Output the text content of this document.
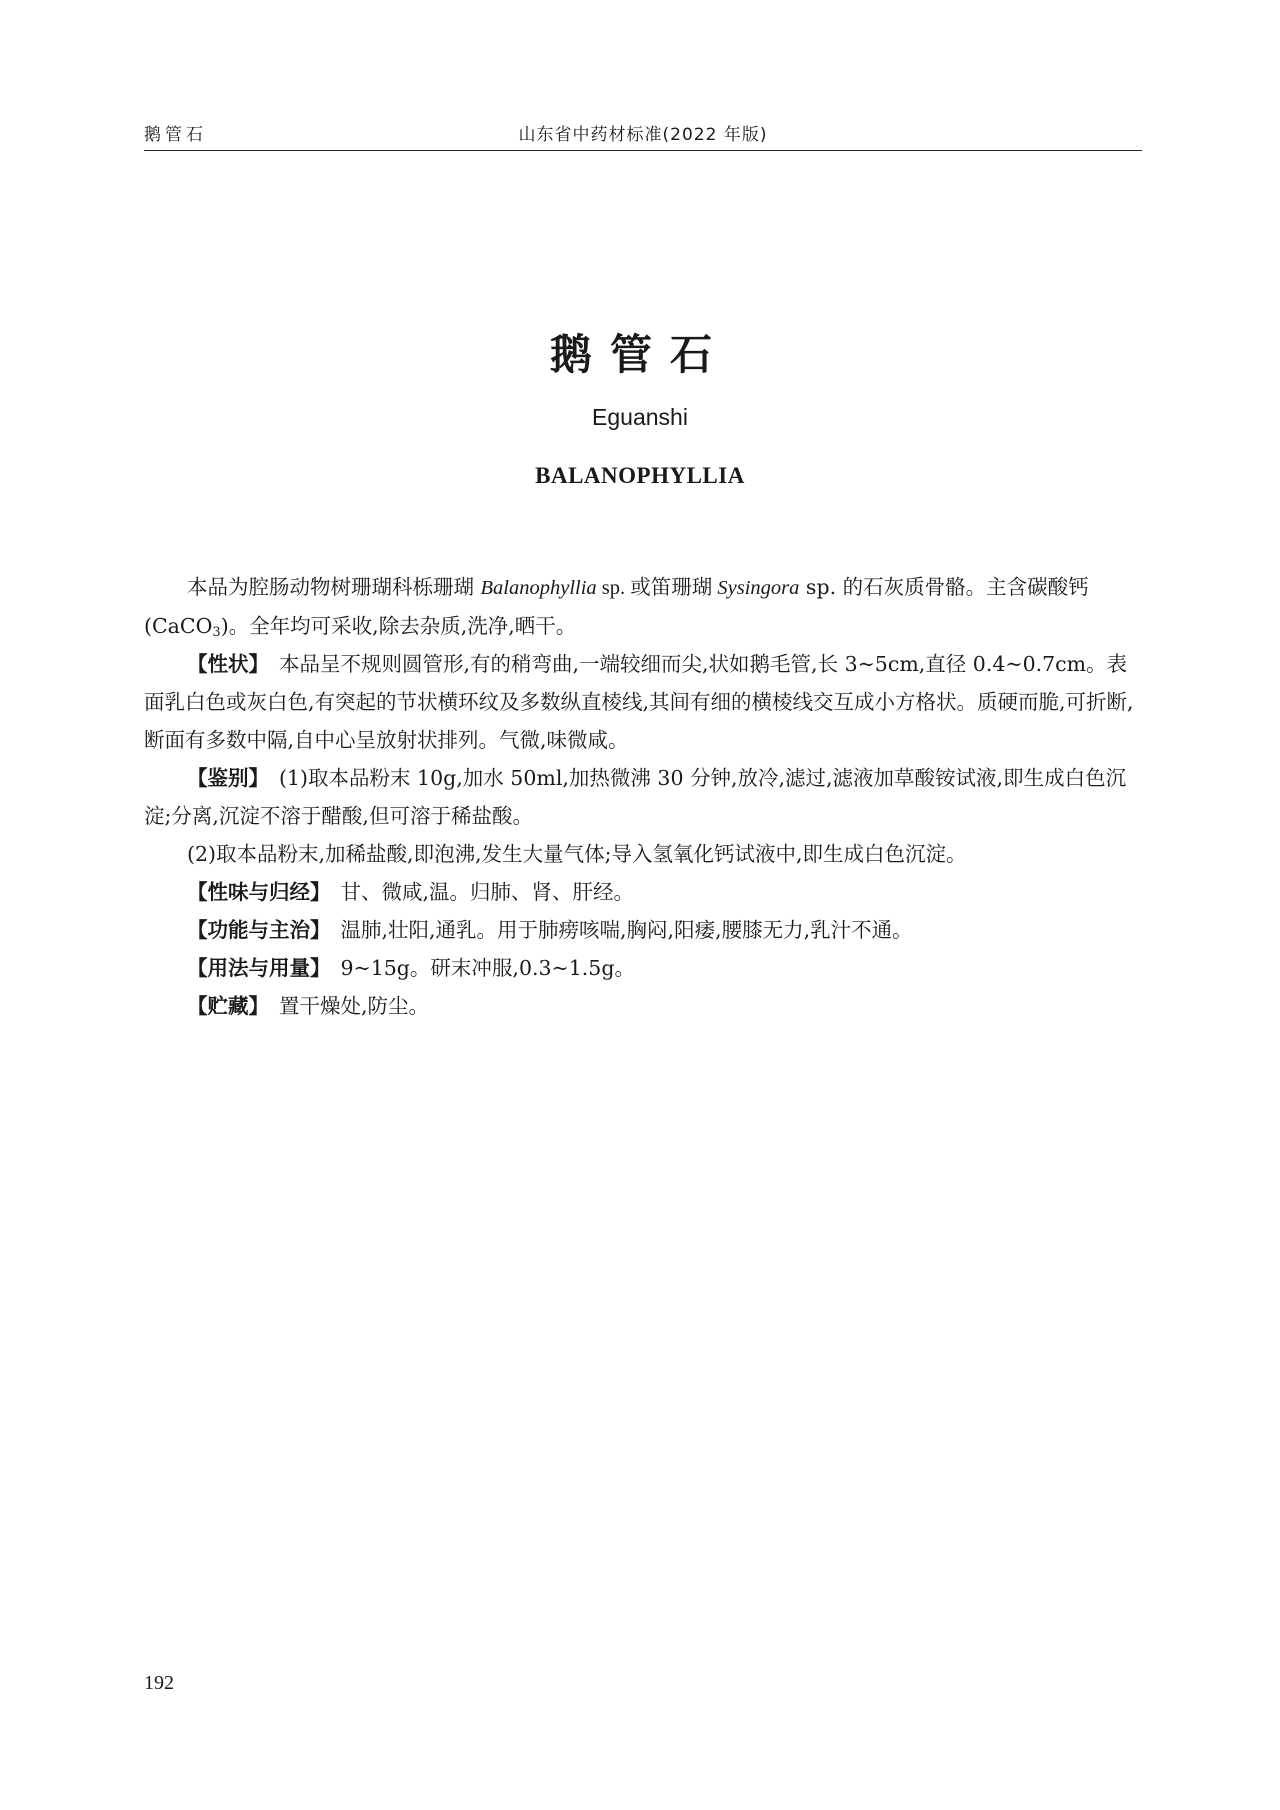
鹅管石	山东省中药材标准(2022 年版)
鹅管石
Eguanshi
BALANOPHYLLIA

本品为腔肠动物树珊瑚科栎珊瑚 Balanophyllia sp. 或笛珊瑚 Sysingora sp. 的石灰质骨骼。主含碳酸钙(CaCO$_3$)。全年均可采收,除去杂质,洗净,晒干。

【性状】 本品呈不规则圆管形,有的稍弯曲,一端较细而尖,状如鹅毛管,长 3~5cm,直径 0.4~0.7cm。表面乳白色或灰白色,有突起的节状横环纹及多数纵直棱线,其间有细的横棱线交互成小方格状。质硬而脆,可折断,断面有多数中隔,自中心呈放射状排列。气微,味微咸。

【鉴别】 (1)取本品粉末 10g,加水 50ml,加热微沸 30 分钟,放冷,滤过,滤液加草酸铵试液,即生成白色沉淀;分离,沉淀不溶于醋酸,但可溶于稀盐酸。

(2)取本品粉末,加稀盐酸,即泡沸,发生大量气体;导入氢氧化钙试液中,即生成白色沉淀。

【性味与归经】 甘、微咸,温。归肺、肾、肝经。

【功能与主治】 温肺,壮阳,通乳。用于肺痨咳喘,胸闷,阳痿,腰膝无力,乳汁不通。

【用法与用量】 9~15g。研末冲服,0.3~1.5g。

【贮藏】 置干燥处,防尘。

192
